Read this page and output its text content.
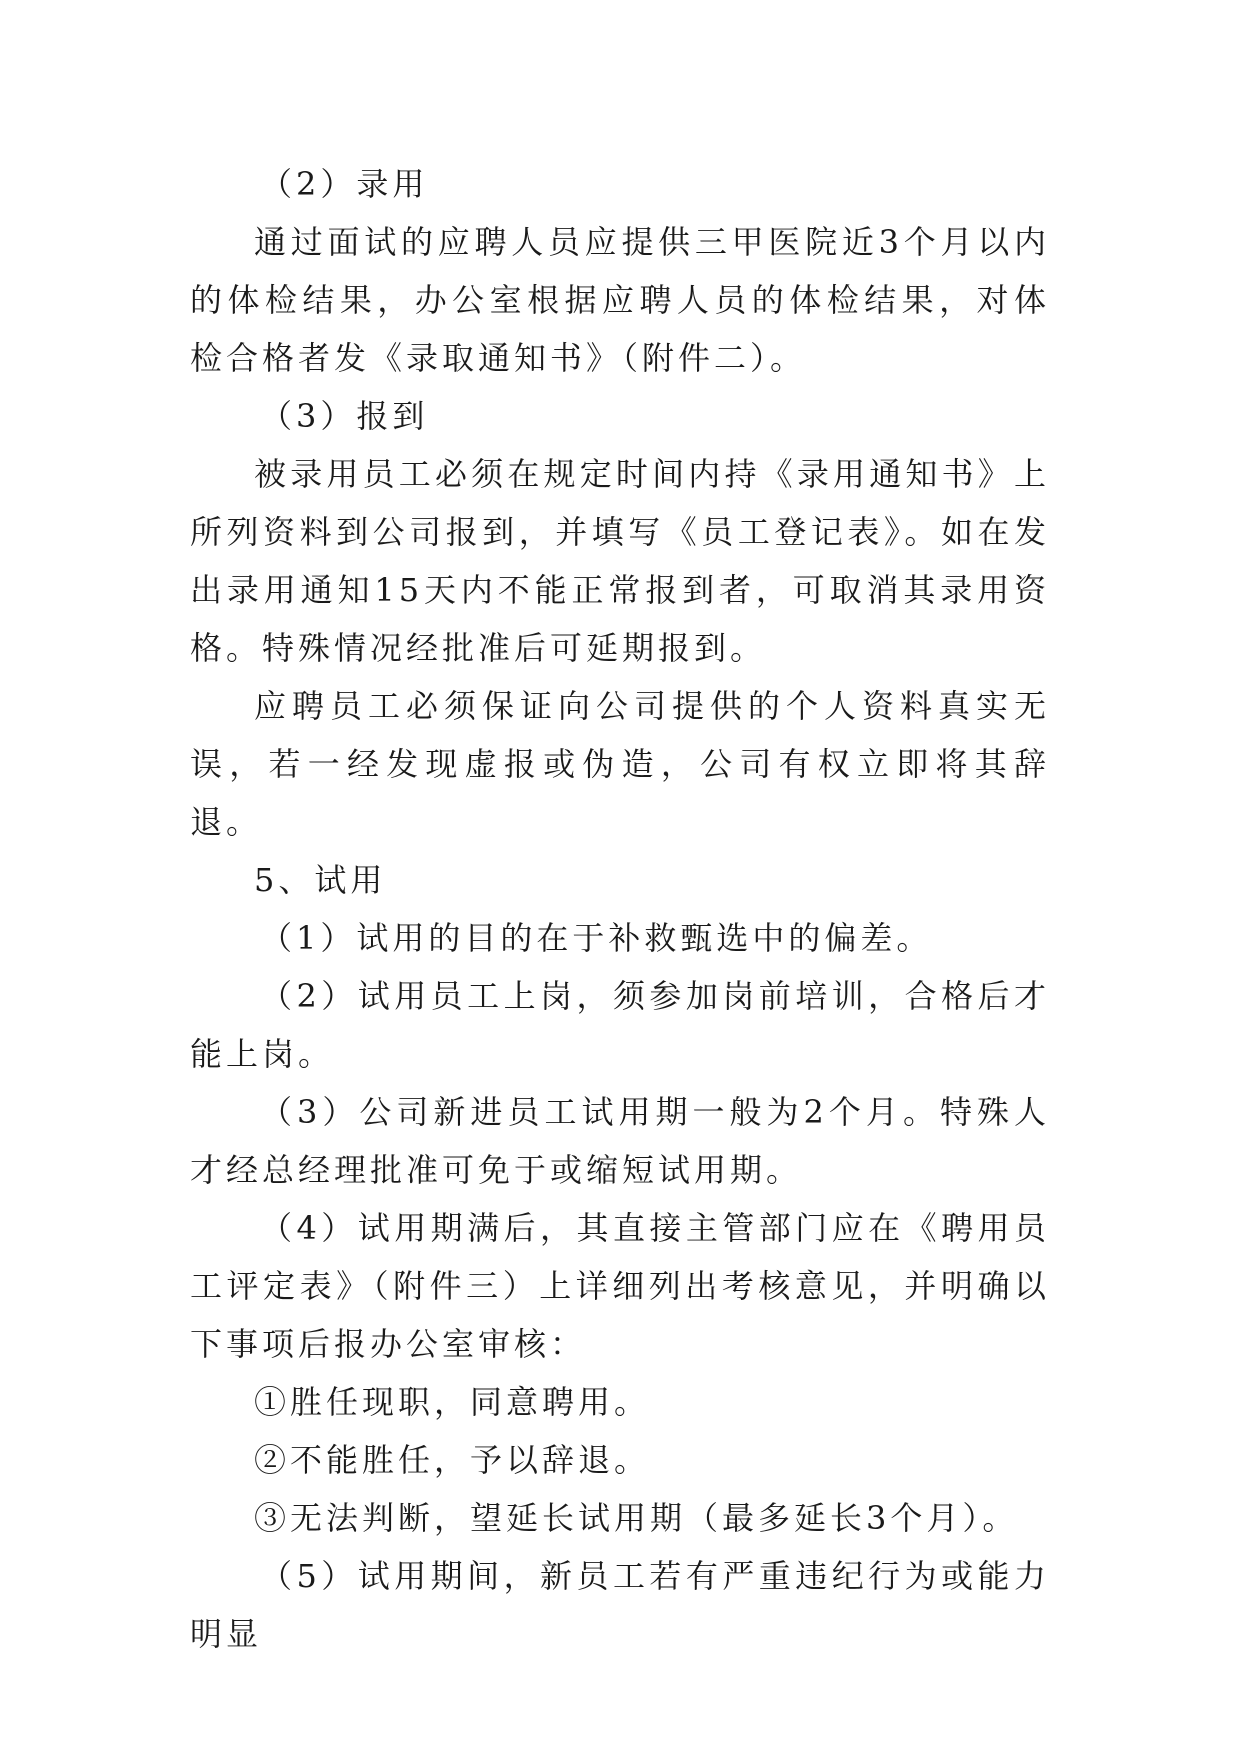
（2）录用

通过面试的应聘人员应提供三甲医院近3个月以内的体检结果，办公室根据应聘人员的体检结果，对体检合格者发《录取通知书》（附件二）。

（3）报到

被录用员工必须在规定时间内持《录用通知书》上所列资料到公司报到，并填写《员工登记表》。如在发出录用通知15天内不能正常报到者，可取消其录用资格。特殊情况经批准后可延期报到。

应聘员工必须保证向公司提供的个人资料真实无误，若一经发现虚报或伪造，公司有权立即将其辞退。

5、试用

（1）试用的目的在于补救甄选中的偏差。

（2）试用员工上岗，须参加岗前培训，合格后才能上岗。

（3）公司新进员工试用期一般为2个月。特殊人才经总经理批准可免于或缩短试用期。

（4）试用期满后，其直接主管部门应在《聘用员工评定表》（附件三）上详细列出考核意见，并明确以下事项后报办公室审核：

①胜任现职，同意聘用。

②不能胜任，予以辞退。

③无法判断，望延长试用期（最多延长3个月）。

（5）试用期间，新员工若有严重违纪行为或能力明显
